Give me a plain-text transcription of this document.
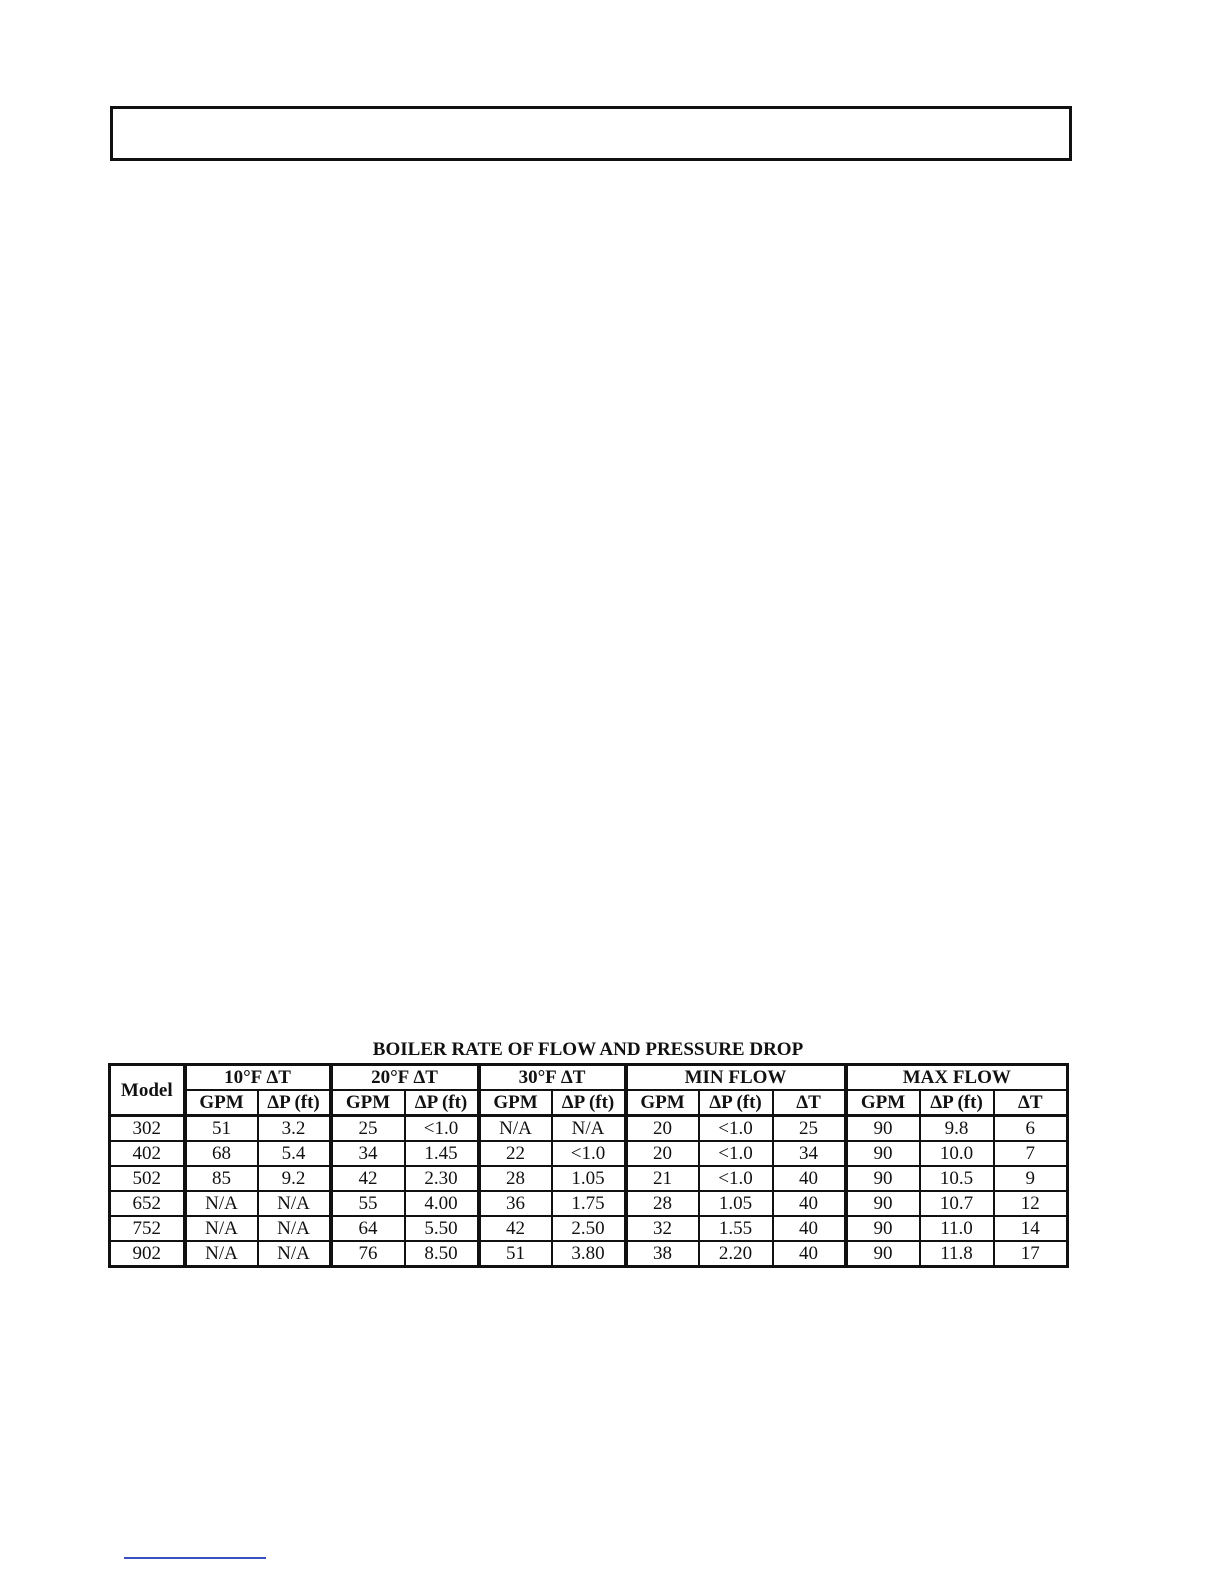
BOILER RATE OF FLOW AND PRESSURE DROP
Model	10°F ΔT		20°F ΔT		30°F ΔT		MIN FLOW			MAX FLOW		
	GPM	ΔP (ft)	GPM	ΔP (ft)	GPM	ΔP (ft)	GPM	ΔP (ft)	ΔT	GPM	ΔP (ft)	ΔT
302	51	3.2	25	<1.0	N/A	N/A	20	<1.0	25	90	9.8	6
402	68	5.4	34	1.45	22	<1.0	20	<1.0	34	90	10.0	7
502	85	9.2	42	2.30	28	1.05	21	<1.0	40	90	10.5	9
652	N/A	N/A	55	4.00	36	1.75	28	1.05	40	90	10.7	12
752	N/A	N/A	64	5.50	42	2.50	32	1.55	40	90	11.0	14
902	N/A	N/A	76	8.50	51	3.80	38	2.20	40	90	11.8	17
